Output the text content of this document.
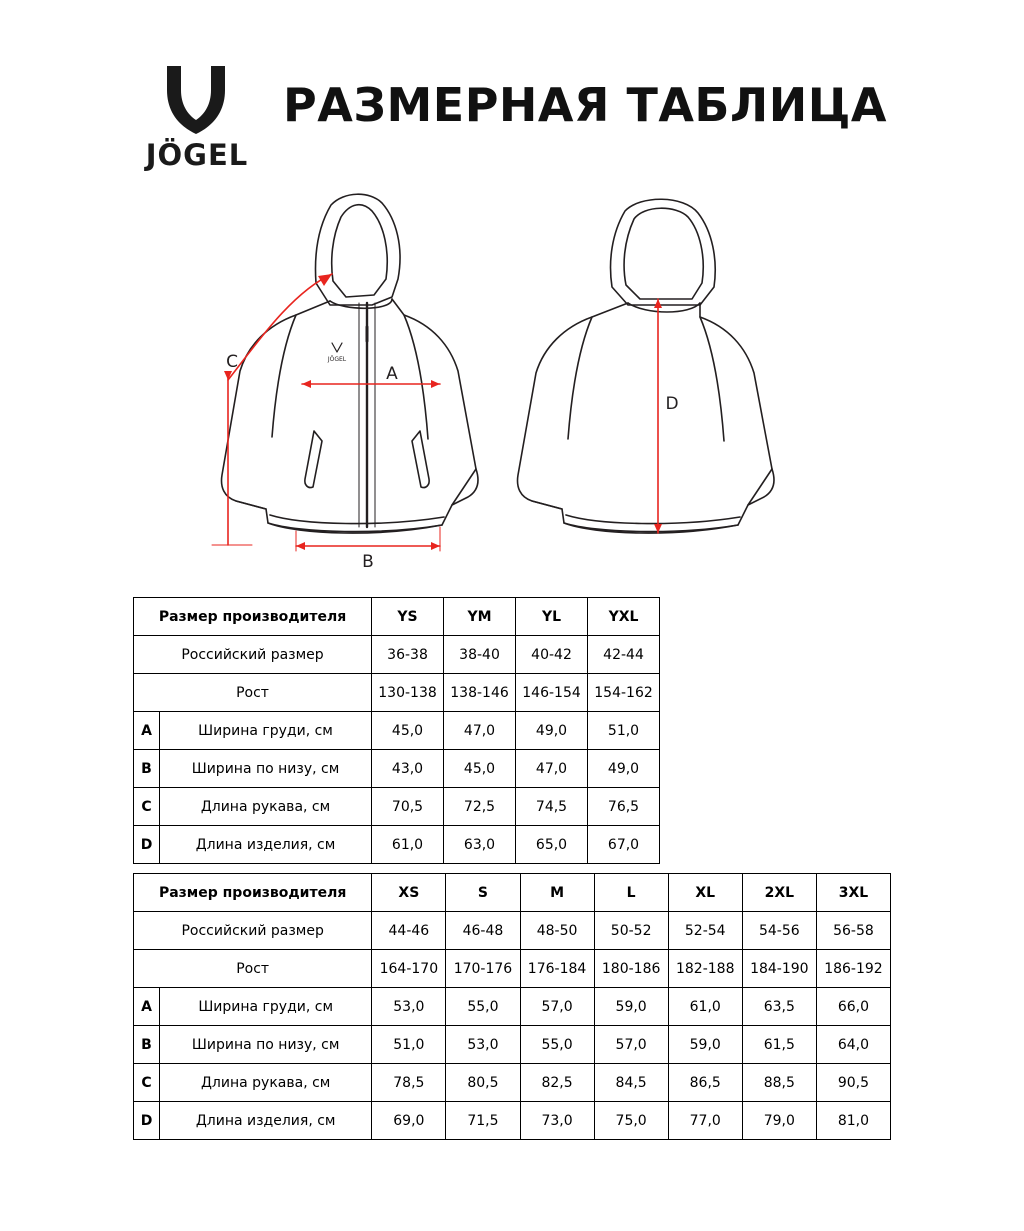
JÖGEL
РАЗМЕРНАЯ ТАБЛИЦА
JÖGEL
A
B
C
D
Размер производителя		YS	YM	YL	YXL
Российский размер		36-38	38-40	40-42	42-44
Рост		130-138	138-146	146-154	154-162
A	Ширина груди, см	45,0	47,0	49,0	51,0
B	Ширина по низу, см	43,0	45,0	47,0	49,0
C	Длина рукава, см	70,5	72,5	74,5	76,5
D	Длина изделия, см	61,0	63,0	65,0	67,0
Размер производителя		XS	S	M	L	XL	2XL	3XL
Российский размер		44-46	46-48	48-50	50-52	52-54	54-56	56-58
Рост		164-170	170-176	176-184	180-186	182-188	184-190	186-192
A	Ширина груди, см	53,0	55,0	57,0	59,0	61,0	63,5	66,0
B	Ширина по низу, см	51,0	53,0	55,0	57,0	59,0	61,5	64,0
C	Длина рукава, см	78,5	80,5	82,5	84,5	86,5	88,5	90,5
D	Длина изделия, см	69,0	71,5	73,0	75,0	77,0	79,0	81,0
